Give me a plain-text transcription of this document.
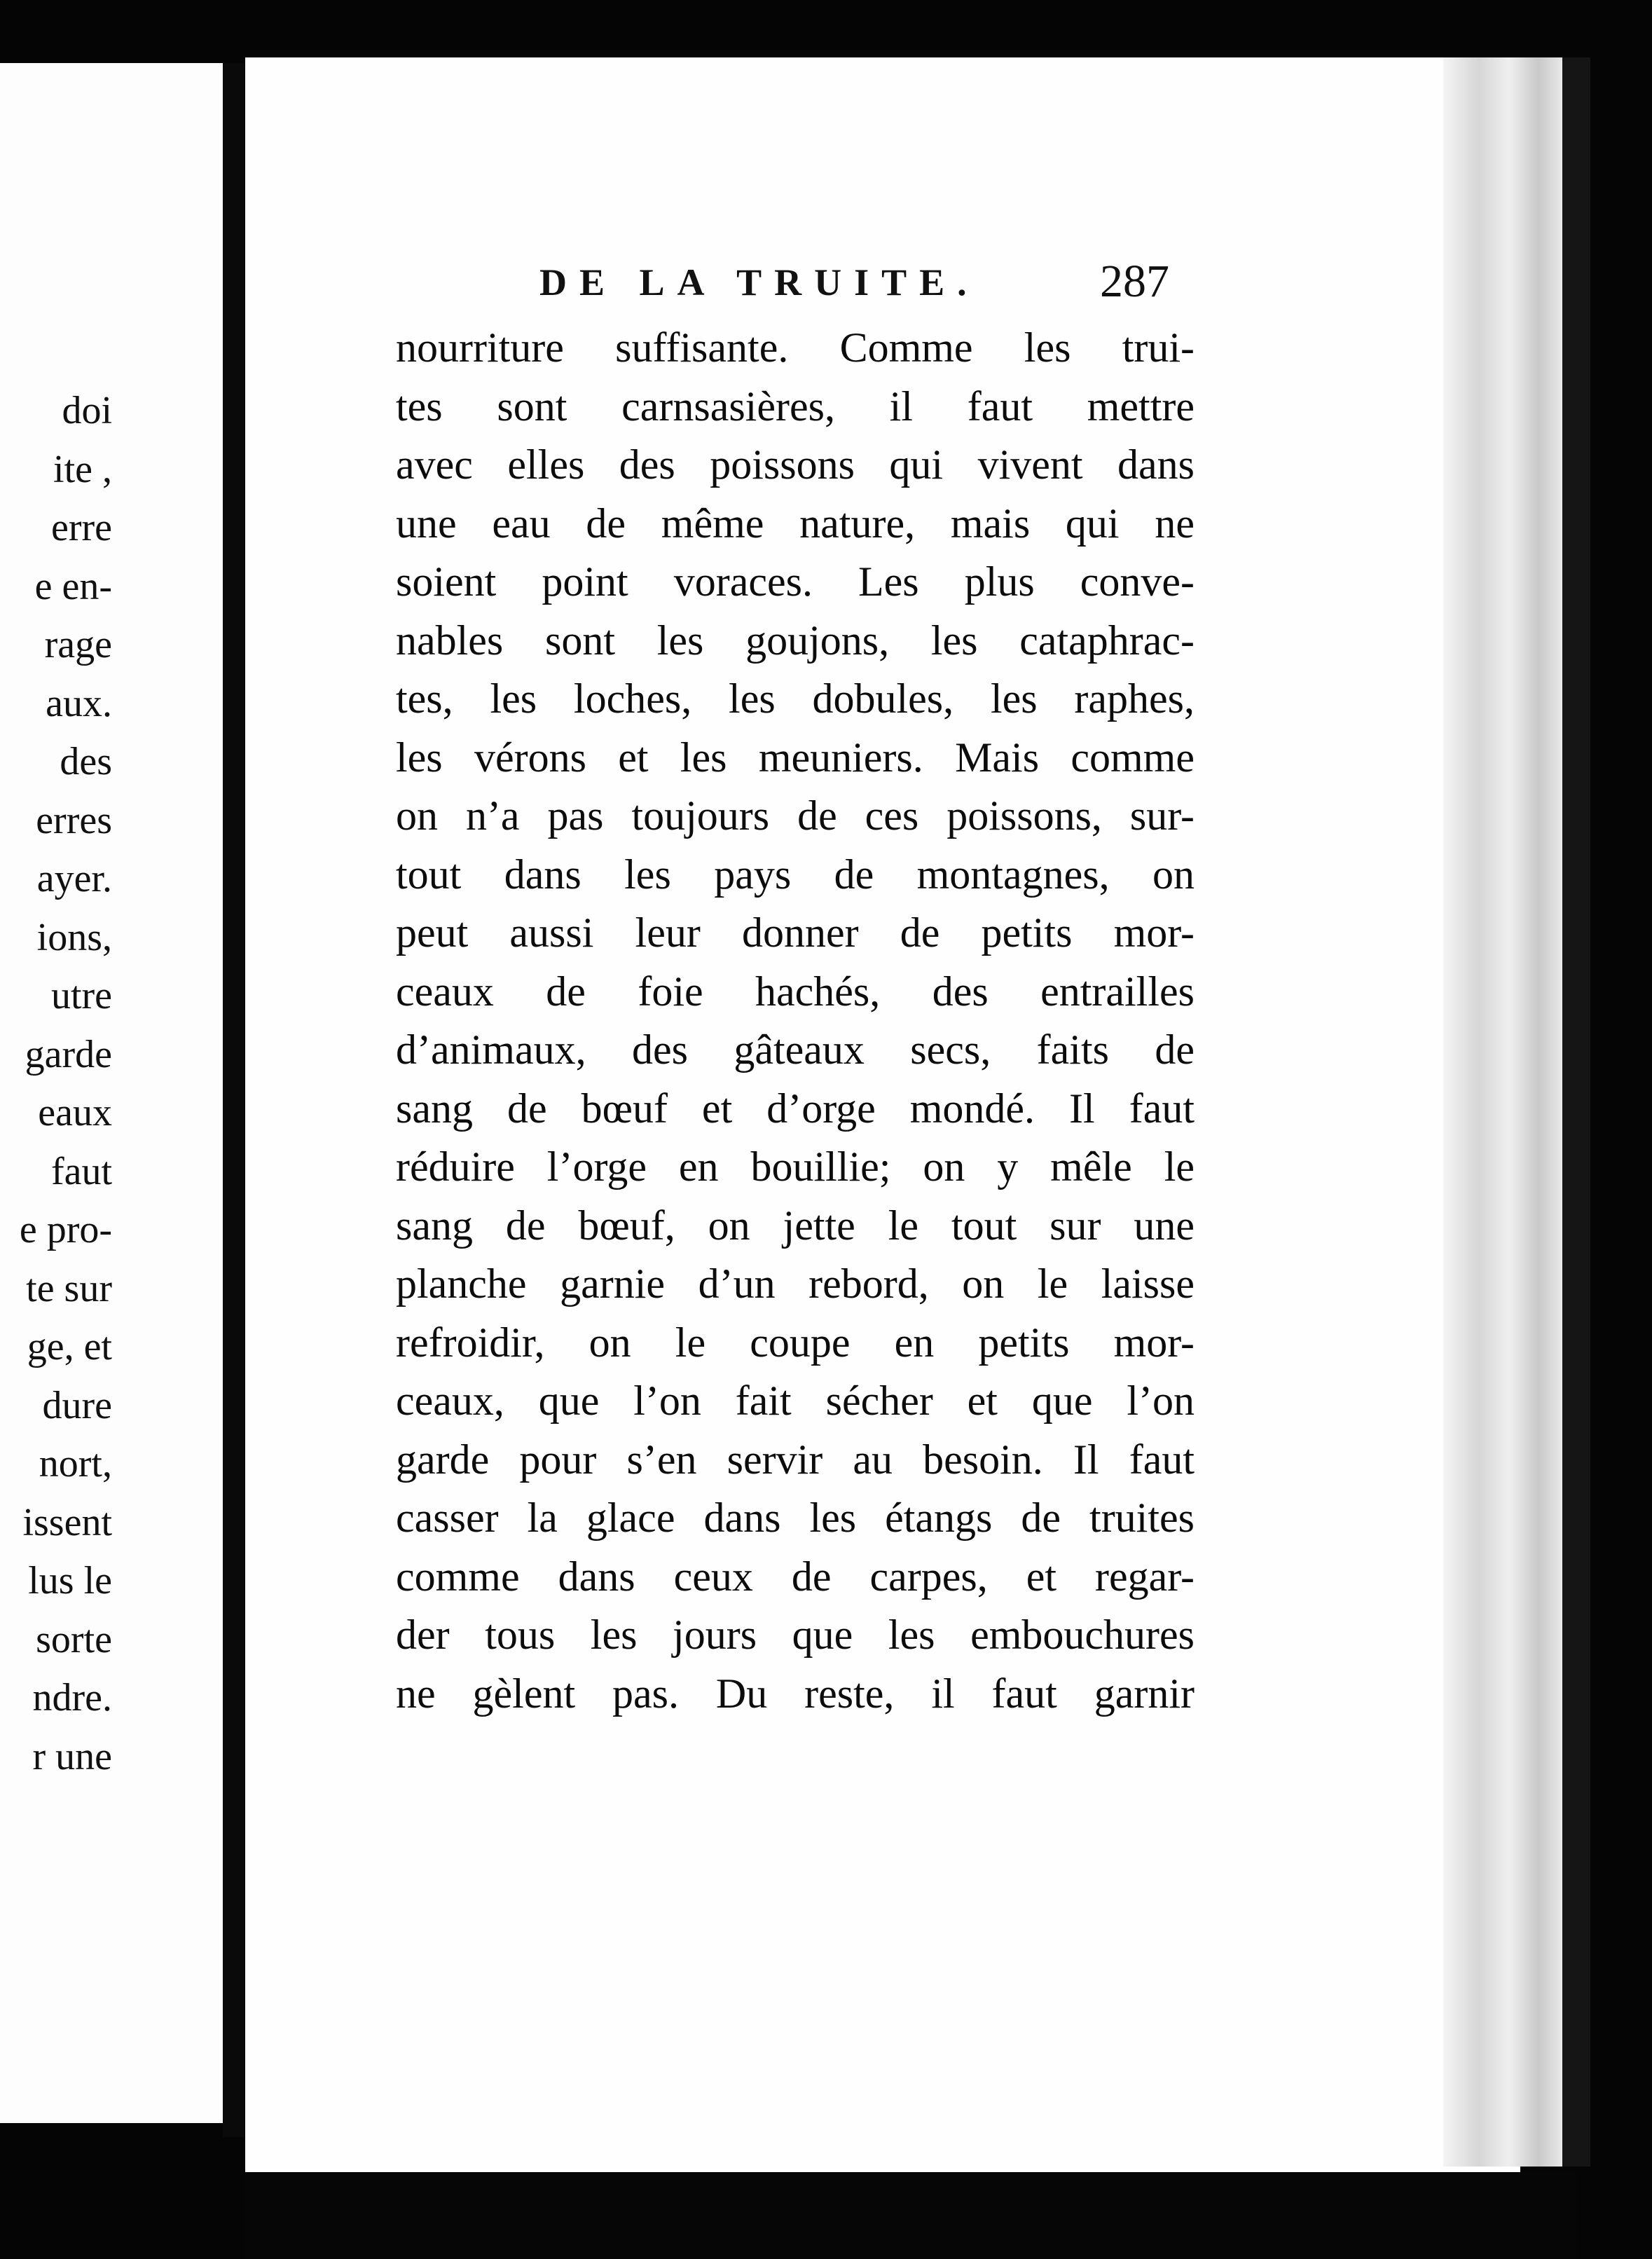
doi
ite ,
erre
e en-
rage
aux.
des
erres
ayer.
ions,
utre
garde
eaux
faut
e pro-
te sur
ge, et
dure
nort,
issent
lus le
sorte
ndre.
r une
DE LA TRUITE.	287
nourriture suffisante. Comme les trui-
tes sont carnsasières, il faut mettre
avec elles des poissons qui vivent dans
une eau de même nature, mais qui ne
soient point voraces. Les plus conve-
nables sont les goujons, les cataphrac-
tes, les loches, les dobules, les raphes,
les vérons et les meuniers. Mais comme
on n’a pas toujours de ces poissons, sur-
tout dans les pays de montagnes, on
peut aussi leur donner de petits mor-
ceaux de foie hachés, des entrailles
d’animaux, des gâteaux secs, faits de
sang de bœuf et d’orge mondé. Il faut
réduire l’orge en bouillie; on y mêle le
sang de bœuf, on jette le tout sur une
planche garnie d’un rebord, on le laisse
refroidir, on le coupe en petits mor-
ceaux, que l’on fait sécher et que l’on
garde pour s’en servir au besoin. Il faut
casser la glace dans les étangs de truites
comme dans ceux de carpes, et regar-
der tous les jours que les embouchures
ne gèlent pas. Du reste, il faut garnir
